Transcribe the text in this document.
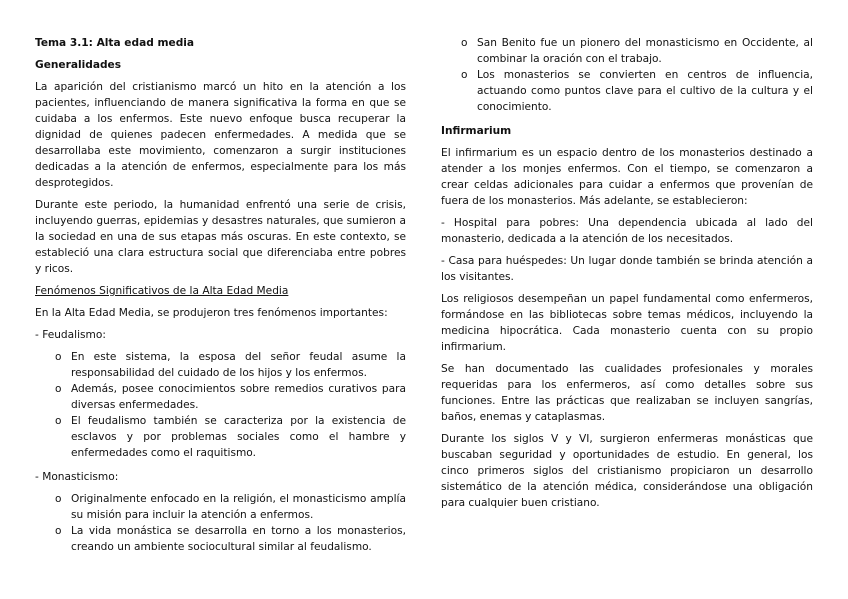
Tema 3.1: Alta edad media
Generalidades

La aparición del cristianismo marcó un hito en la atención a los pacientes, influenciando de manera significativa la forma en que se cuidaba a los enfermos. Este nuevo enfoque busca recuperar la dignidad de quienes padecen enfermedades. A medida que se desarrollaba este movimiento, comenzaron a surgir instituciones dedicadas a la atención de enfermos, especialmente para los más desprotegidos.

Durante este periodo, la humanidad enfrentó una serie de crisis, incluyendo guerras, epidemias y desastres naturales, que sumieron a la sociedad en una de sus etapas más oscuras. En este contexto, se estableció una clara estructura social que diferenciaba entre pobres y ricos.

Fenómenos Significativos de la Alta Edad Media

En la Alta Edad Media, se produjeron tres fenómenos importantes:

- Feudalismo:
o En este sistema, la esposa del señor feudal asume la responsabilidad del cuidado de los hijos y los enfermos.
o Además, posee conocimientos sobre remedios curativos para diversas enfermedades.
o El feudalismo también se caracteriza por la existencia de esclavos y por problemas sociales como el hambre y enfermedades como el raquitismo.
- Monasticismo:
o Originalmente enfocado en la religión, el monasticismo amplía su misión para incluir la atención a enfermos.
o La vida monástica se desarrolla en torno a los monasterios, creando un ambiente sociocultural similar al feudalismo.
o San Benito fue un pionero del monasticismo en Occidente, al combinar la oración con el trabajo.
o Los monasterios se convierten en centros de influencia, actuando como puntos clave para el cultivo de la cultura y el conocimiento.
Infirmarium

El infirmarium es un espacio dentro de los monasterios destinado a atender a los monjes enfermos. Con el tiempo, se comenzaron a crear celdas adicionales para cuidar a enfermos que provenían de fuera de los monasterios. Más adelante, se establecieron:

- Hospital para pobres: Una dependencia ubicada al lado del monasterio, dedicada a la atención de los necesitados.

- Casa para huéspedes: Un lugar donde también se brinda atención a los visitantes.

Los religiosos desempeñan un papel fundamental como enfermeros, formándose en las bibliotecas sobre temas médicos, incluyendo la medicina hipocrática. Cada monasterio cuenta con su propio infirmarium.

Se han documentado las cualidades profesionales y morales requeridas para los enfermeros, así como detalles sobre sus funciones. Entre las prácticas que realizaban se incluyen sangrías, baños, enemas y cataplasmas.

Durante los siglos V y VI, surgieron enfermeras monásticas que buscaban seguridad y oportunidades de estudio. En general, los cinco primeros siglos del cristianismo propiciaron un desarrollo sistemático de la atención médica, considerándose una obligación para cualquier buen cristiano.
